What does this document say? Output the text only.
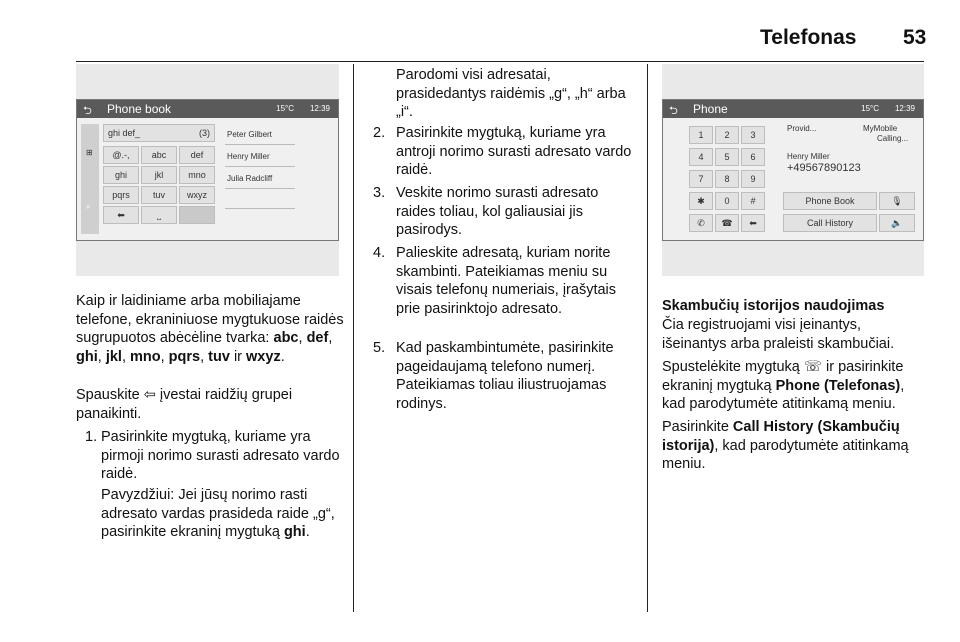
Telefonas 53
⮌ Phone book	15°C 12:39
⊞
⌕
ghi def_	(3)
@.-,	abc	def
ghi	jkl	mno
pqrs	tuv	wxyz
⬅	⎵
Peter Gilbert
Henry Miller
Julia Radcliff
Kaip ir laidiniame arba mobiliajame telefone, ekraniniuose mygtukuose raidės sugrupuotos abėcėline tvarka: abc, def, ghi, jkl, mno, pqrs, tuv ir wxyz.
Spauskite ⇦ įvestai raidžių grupei panaikinti.
1. Pasirinkite mygtuką, kuriame yra pirmoji norimo surasti adresato vardo raidė.
Pavyzdžiui: Jei jūsų norimo rasti adresato vardas prasideda raide „g“, pasirinkite ekraninį mygtuką ghi.
Parodomi visi adresatai, prasidedantys raidėmis „g“, „h“ arba „i“.
2. Pasirinkite mygtuką, kuriame yra antroji norimo surasti adresato vardo raidė.
3. Veskite norimo surasti adresato raides toliau, kol galiausiai jis pasirodys.
4. Palieskite adresatą, kuriam norite skambinti. Pateikiamas meniu su visais telefonų numeriais, įrašytais prie pasirinktojo adresato.
5. Kad paskambintumėte, pasirinkite pageidaujamą telefono numerį. Pateikiamas toliau iliustruojamas rodinys.
⮌ Phone	15°C 12:39
1	2	3
4	5	6
7	8	9
✱	0	#
✆	☎	⬅
Provid...	MyMobile
Calling...
Henry Miller
+49567890123
Phone Book	🎙
Call History	🔈
Skambučių istorijos naudojimas
Čia registruojami visi įeinantys, išeinantys arba praleisti skambučiai.
Spustelėkite mygtuką ☏ ir pasirinkite ekraninį mygtuką Phone (Telefonas), kad parodytumėte atitinkamą meniu.
Pasirinkite Call History (Skambučių istorija), kad parodytumėte atitinkamą meniu.
